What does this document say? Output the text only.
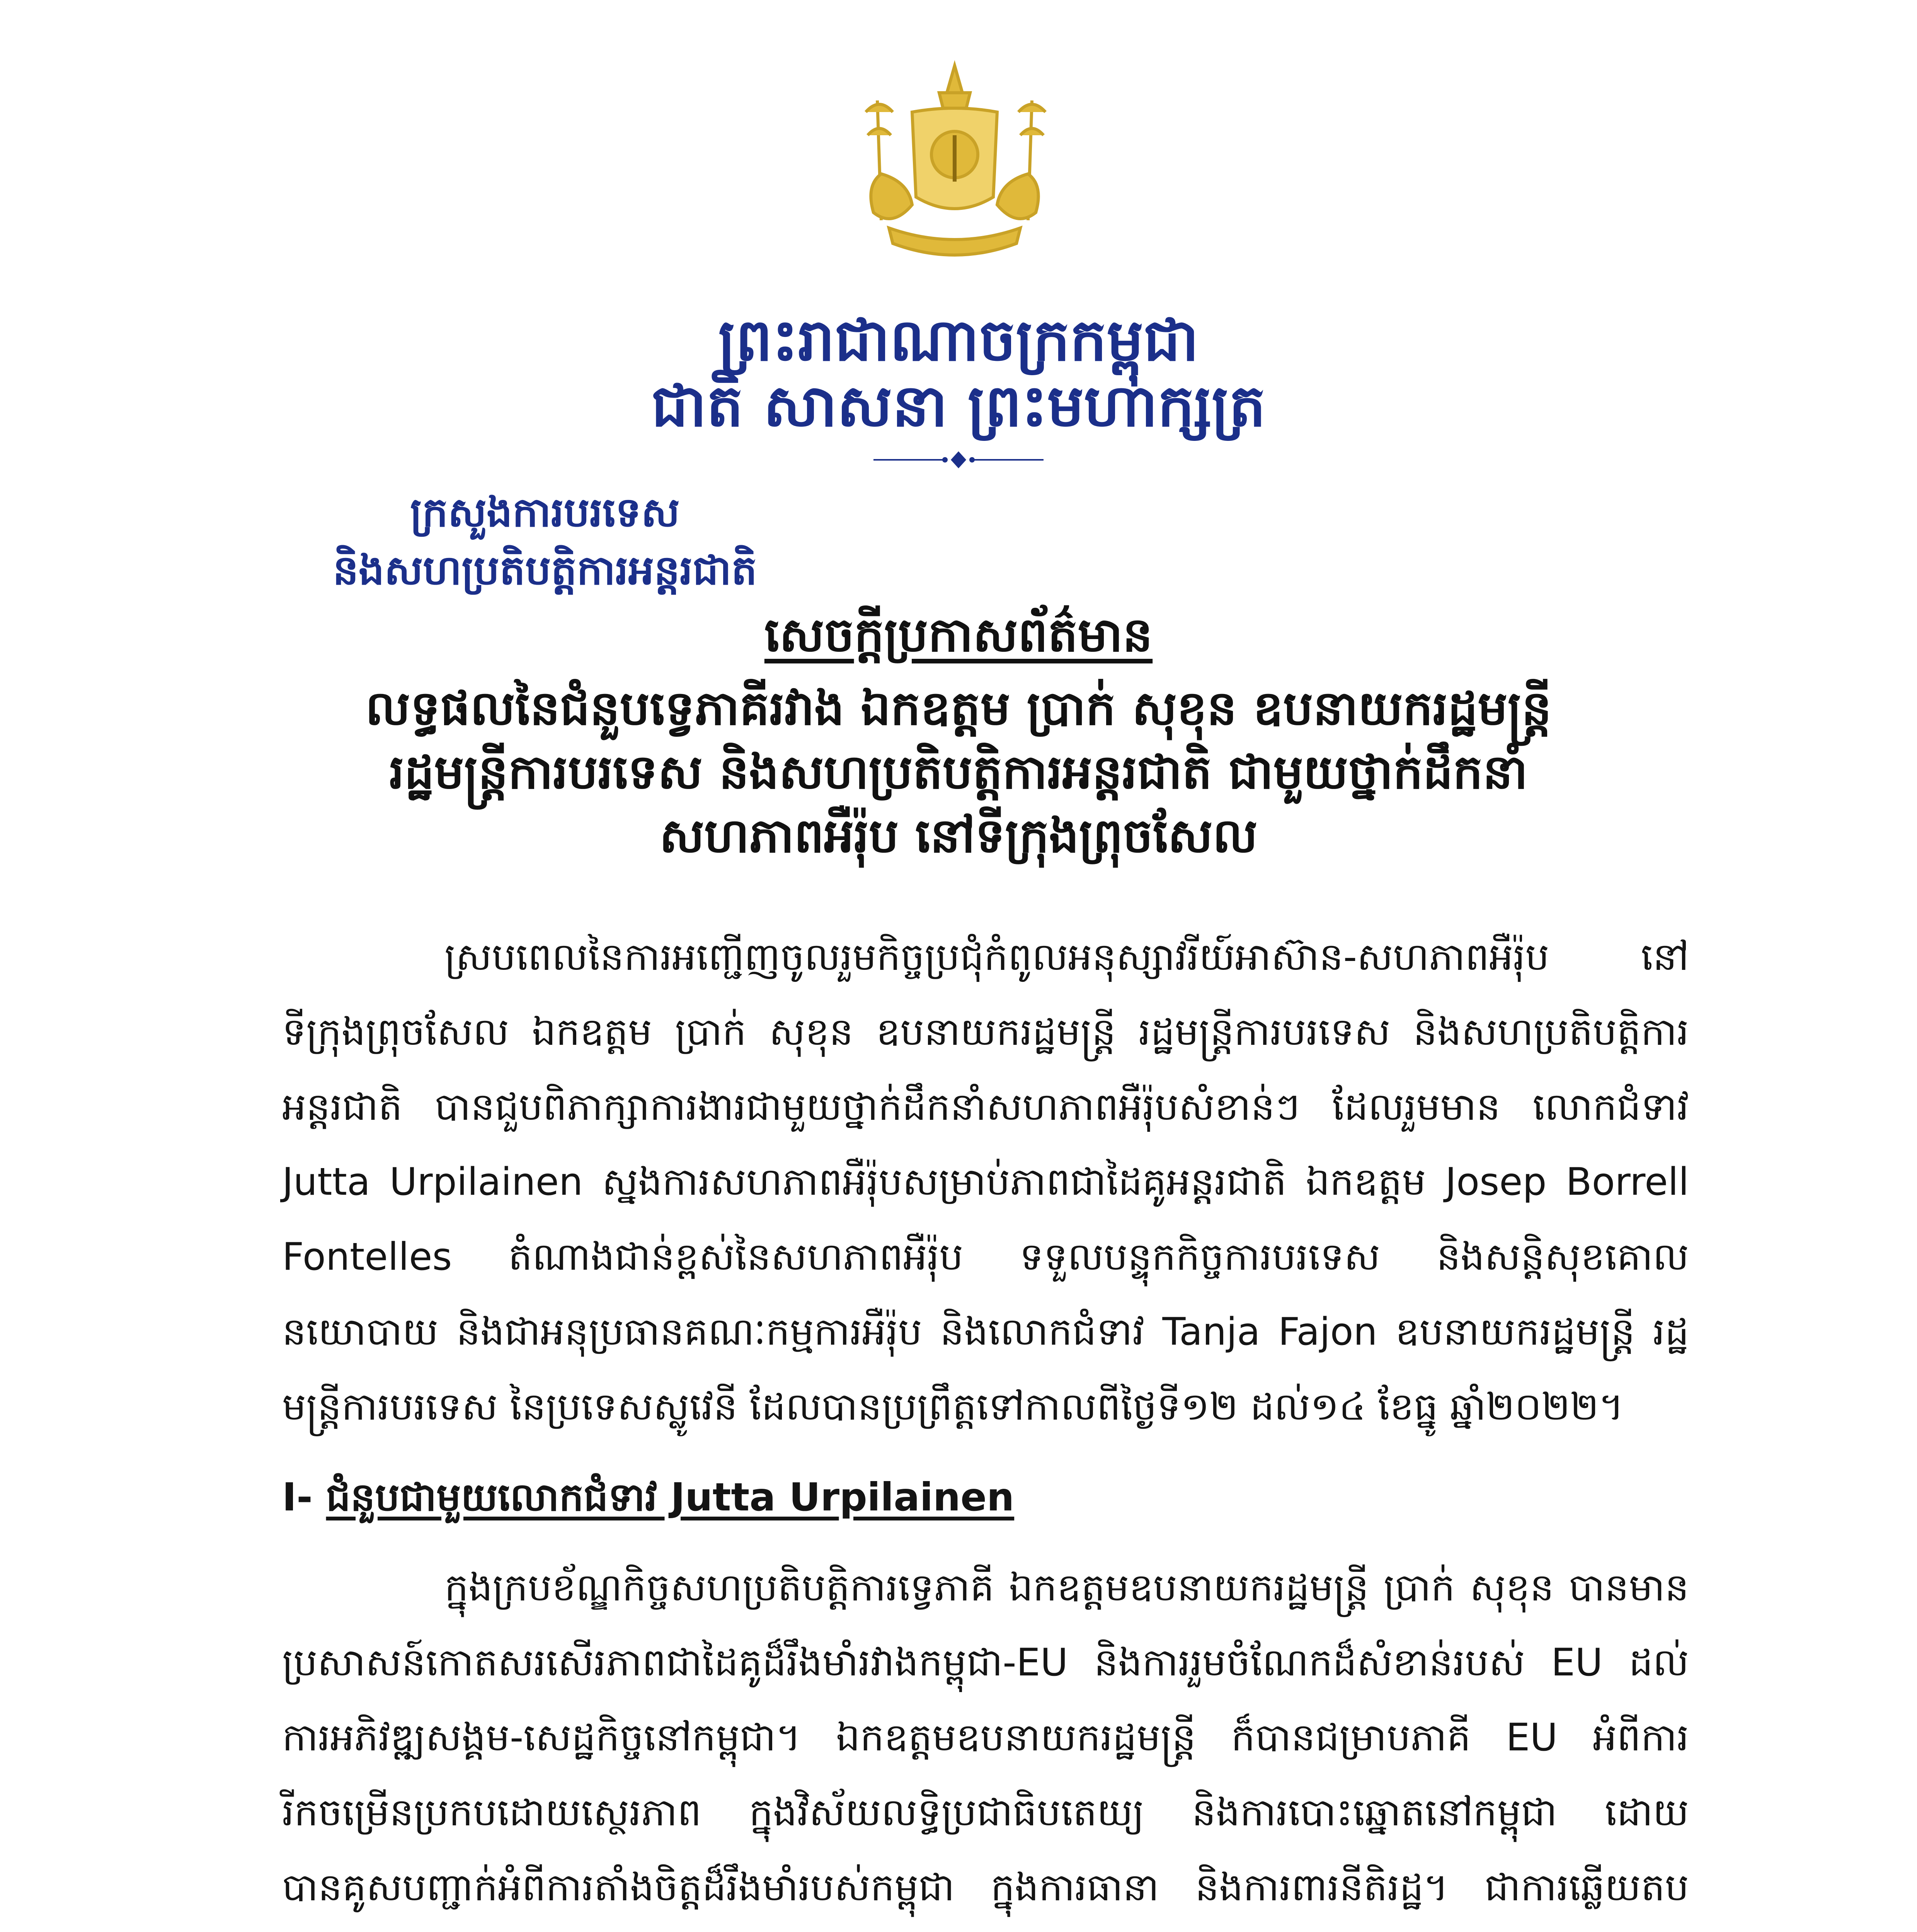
ព្រះរាជាណាចក្រកម្ពុជា
ជាតិ សាសនា ព្រះមហាក្សត្រ
ក្រសួងការបរទេស
និងសហប្រតិបត្តិការអន្តរជាតិ
សេចក្តីប្រកាសព័ត៌មាន
លទ្ធផលនៃជំនួបទ្វេភាគីរវាង ឯកឧត្តម ប្រាក់ សុខុន ឧបនាយករដ្ឋមន្ត្រី
រដ្ឋមន្ត្រីការបរទេស និងសហប្រតិបត្តិការអន្តរជាតិ ជាមួយថ្នាក់ដឹកនាំ
សហភាពអឺរ៉ុប នៅទីក្រុងព្រុចសែល

ស្របពេលនៃការអញ្ជើញចូលរួមកិច្ចប្រជុំកំពូលអនុស្សាវរីយ៍អាស៊ាន-សហភាពអឺរ៉ុប នៅទីក្រុងព្រុចសែល ឯកឧត្តម ប្រាក់ សុខុន ឧបនាយករដ្ឋមន្ត្រី រដ្ឋមន្ត្រីការបរទេស និងសហប្រតិបត្តិការអន្តរជាតិ បានជួបពិភាក្សាការងារជាមួយថ្នាក់ដឹកនាំសហភាពអឺរ៉ុបសំខាន់ៗ ដែលរួមមាន លោកជំទាវ Jutta Urpilainen ស្នងការសហភាពអឺរ៉ុបសម្រាប់ភាពជាដៃគូអន្តរជាតិ ឯកឧត្តម Josep Borrell Fontelles តំណាងជាន់ខ្ពស់នៃសហភាពអឺរ៉ុប ទទួលបន្ទុកកិច្ចការបរទេស និងសន្តិសុខគោលនយោបាយ និងជាអនុប្រធានគណៈកម្មការអឺរ៉ុប និងលោកជំទាវ Tanja Fajon ឧបនាយករដ្ឋមន្ត្រី រដ្ឋមន្ត្រីការបរទេស នៃប្រទេសស្លូវេនី ដែលបានប្រព្រឹត្តទៅកាលពីថ្ងៃទី១២ ដល់១៤ ខែធ្នូ ឆ្នាំ២០២២។

I- ជំនួបជាមួយលោកជំទាវ Jutta Urpilainen

ក្នុងក្របខ័ណ្ឌកិច្ចសហប្រតិបត្តិការទ្វេភាគី ឯកឧត្តមឧបនាយករដ្ឋមន្ត្រី ប្រាក់ សុខុន បានមានប្រសាសន៍កោតសរសើរភាពជាដៃគូដ៏រឹងមាំរវាងកម្ពុជា-EU និងការរួមចំណែកដ៏សំខាន់របស់ EU ដល់ការអភិវឌ្ឍសង្គម-សេដ្ឋកិច្ចនៅកម្ពុជា។ ឯកឧត្តមឧបនាយករដ្ឋមន្ត្រី ក៏បានជម្រាបភាគី EU អំពីការរីកចម្រើនប្រកបដោយស្ថេរភាព ក្នុងវិស័យលទ្ធិប្រជាធិបតេយ្យ និងការបោះឆ្នោតនៅកម្ពុជា ដោយបានគូសបញ្ជាក់អំពីការតាំងចិត្តដ៏រឹងមាំរបស់កម្ពុជា ក្នុងការធានា និងការពារនីតិរដ្ឋ។ ជាការឆ្លើយតប
